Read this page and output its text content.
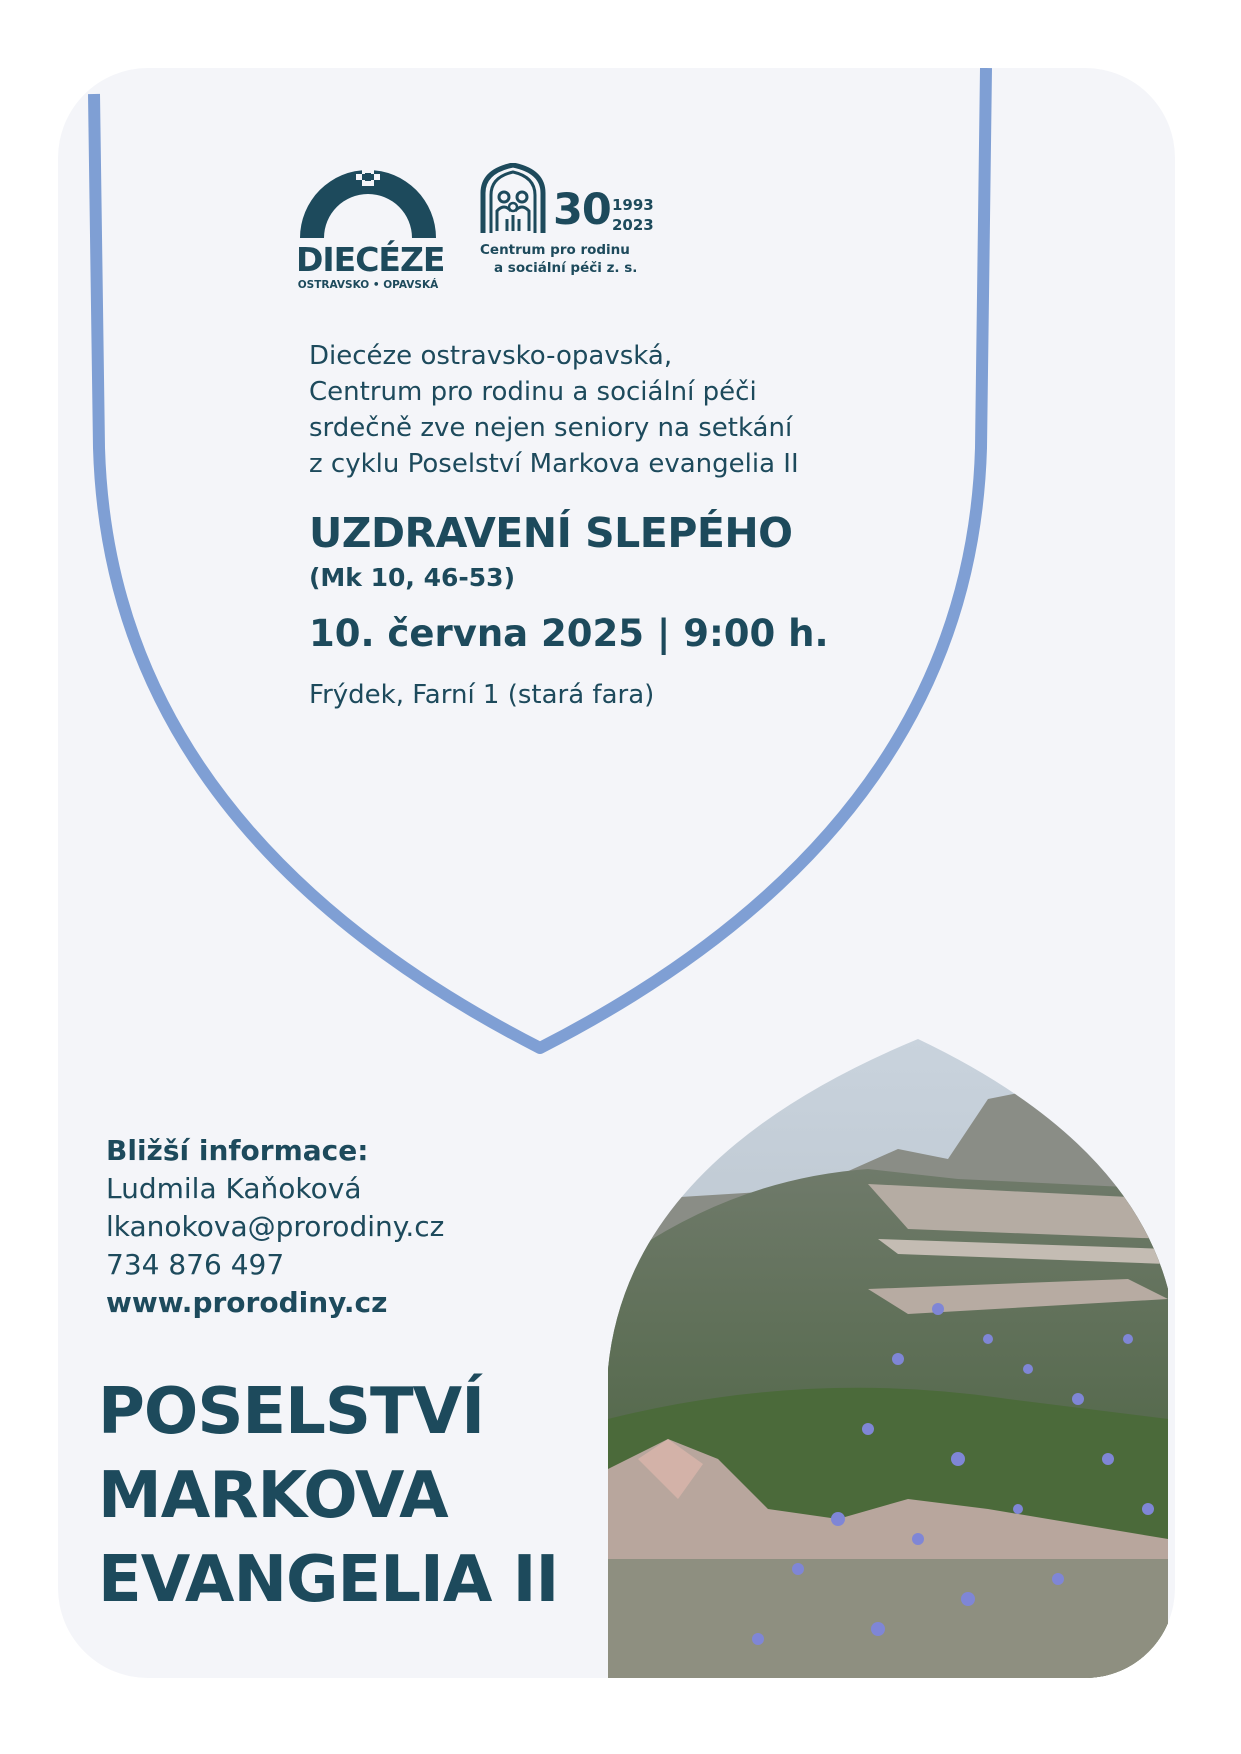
DIECÉZE
OSTRAVSKO • OPAVSKÁ
30 1993
2023
Centrum pro rodinu
a sociální péči z. s.
Diecéze ostravsko-opavská,
Centrum pro rodinu a sociální péči
srdečně zve nejen seniory na setkání
z cyklu Poselství Markova evangelia II
UZDRAVENÍ SLEPÉHO
(Mk 10, 46-53)
10. června 2025 | 9:00 h.
Frýdek, Farní 1 (stará fara)
Bližší informace:
Ludmila Kaňoková
lkanokova@prorodiny.cz
734 876 497
www.prorodiny.cz
POSELSTVÍ
MARKOVA
EVANGELIA II
